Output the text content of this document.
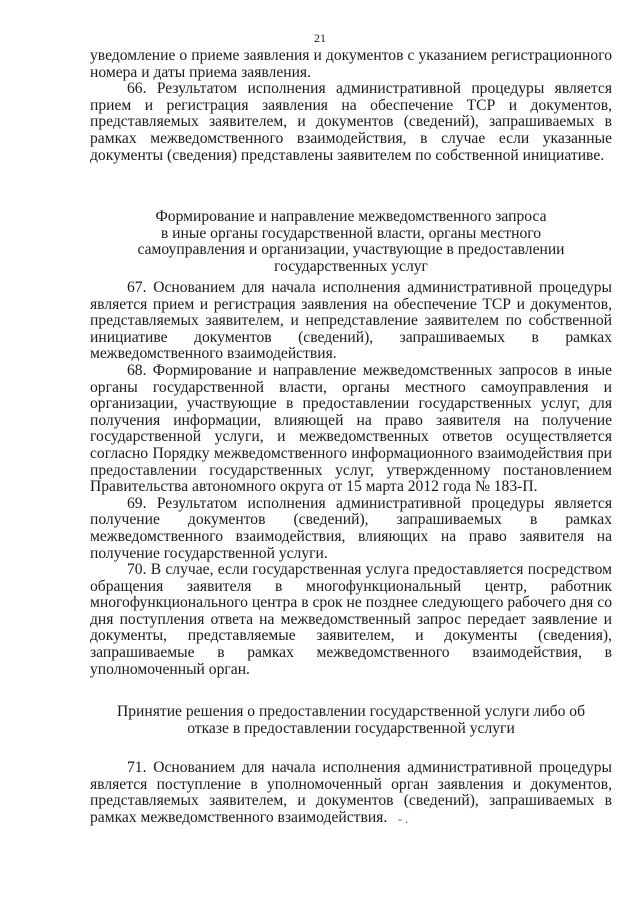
21

уведомление о приеме заявления и документов с указанием регистрационного номера и даты приема заявления.

66. Результатом исполнения административной процедуры является прием и регистрация заявления на обеспечение ТСР и документов, представляемых заявителем, и документов (сведений), запрашиваемых в рамках межведомственного взаимодействия, в случае если указанные документы (сведения) представлены заявителем по собственной инициативе.

Формирование и направление межведомственного запроса
в иные органы государственной власти, органы местного
самоуправления и организации, участвующие в предоставлении
государственных услуг

67. Основанием для начала исполнения административной процедуры является прием и регистрация заявления на обеспечение ТСР и документов, представляемых заявителем, и непредставление заявителем по собственной инициативе документов (сведений), запрашиваемых в рамках межведомственного взаимодействия.

68. Формирование и направление межведомственных запросов в иные органы государственной власти, органы местного самоуправления и организации, участвующие в предоставлении государственных услуг, для получения информации, влияющей на право заявителя на получение государственной услуги, и межведомственных ответов осуществляется согласно Порядку межведомственного информационного взаимодействия при предоставлении государственных услуг, утвержденному постановлением Правительства автономного округа от 15 марта 2012 года № 183-П.

69. Результатом исполнения административной процедуры является получение документов (сведений), запрашиваемых в рамках межведомственного взаимодействия, влияющих на право заявителя на получение государственной услуги.

70. В случае, если государственная услуга предоставляется посредством обращения заявителя в многофункциональный центр, работник многофункционального центра в срок не позднее следующего рабочего дня со дня поступления ответа на межведомственный запрос передает заявление и документы, представляемые заявителем, и документы (сведения), запрашиваемые в рамках межведомственного взаимодействия, в уполномоченный орган.

Принятие решения о предоставлении государственной услуги либо об
отказе в предоставлении государственной услуги

71. Основанием для начала исполнения административной процедуры является поступление в уполномоченный орган заявления и документов, представляемых заявителем, и документов (сведений), запрашиваемых в рамках межведомственного взаимодействия. - .
